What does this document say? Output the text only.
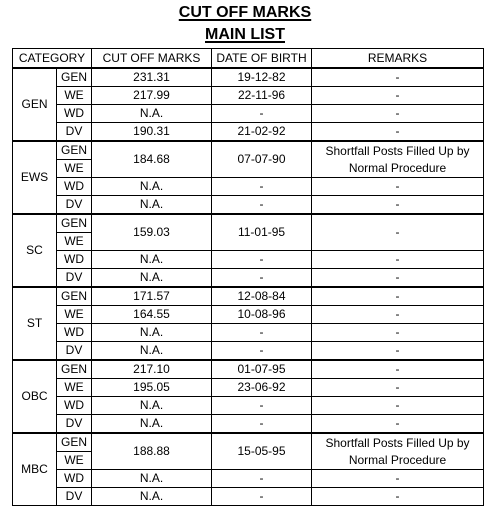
CUT OFF MARKS
MAIN LIST
CATEGORY		CUT OFF MARKS	DATE OF BIRTH	REMARKS
GEN	GEN	231.31	19-12-82	-
	WE	217.99	22-11-96	-
	WD	N.A.	-	-
	DV	190.31	21-02-92	-
EWS	GEN	184.68	07-07-90	Shortfall Posts Filled Up by Normal Procedure
	WE			
	WD	N.A.	-	-
	DV	N.A.	-	-
SC	GEN	159.03	11-01-95	-
	WE			
	WD	N.A.	-	-
	DV	N.A.	-	-
ST	GEN	171.57	12-08-84	-
	WE	164.55	10-08-96	-
	WD	N.A.	-	-
	DV	N.A.	-	-
OBC	GEN	217.10	01-07-95	-
	WE	195.05	23-06-92	-
	WD	N.A.	-	-
	DV	N.A.	-	-
MBC	GEN	188.88	15-05-95	Shortfall Posts Filled Up by Normal Procedure
	WE			
	WD	N.A.	-	-
	DV	N.A.	-	-
